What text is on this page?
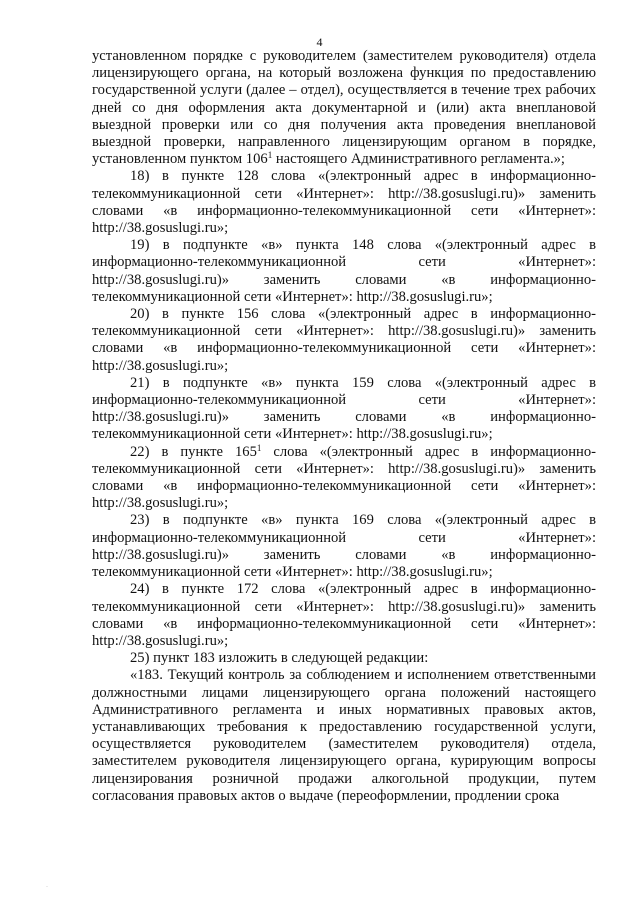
4

установленном порядке с руководителем (заместителем руководителя) отдела лицензирующего органа, на который возложена функция по предоставлению государственной услуги (далее – отдел), осуществляется в течение трех рабочих дней со дня оформления акта документарной и (или) акта внеплановой выездной проверки или со дня получения акта проведения внеплановой выездной проверки, направленного лицензирующим органом в порядке, установленном пунктом $106^1$ настоящего Административного регламента.»;

18) в пункте 128 слова «(электронный адрес в информационно-телекоммуникационной сети «Интернет»: http://38.gosuslugi.ru)» заменить словами «в информационно-телекоммуникационной сети «Интернет»: http://38.gosuslugi.ru»;

19) в подпункте «в» пункта 148 слова «(электронный адрес в информационно-телекоммуникационной сети «Интернет»: http://38.gosuslugi.ru)» заменить словами «в информационно-телекоммуникационной сети «Интернет»: http://38.gosuslugi.ru»;

20) в пункте 156 слова «(электронный адрес в информационно-телекоммуникационной сети «Интернет»: http://38.gosuslugi.ru)» заменить словами «в информационно-телекоммуникационной сети «Интернет»: http://38.gosuslugi.ru»;

21) в подпункте «в» пункта 159 слова «(электронный адрес в информационно-телекоммуникационной сети «Интернет»: http://38.gosuslugi.ru)» заменить словами «в информационно-телекоммуникационной сети «Интернет»: http://38.gosuslugi.ru»;

22) в пункте $165^1$ слова «(электронный адрес в информационно-телекоммуникационной сети «Интернет»: http://38.gosuslugi.ru)» заменить словами «в информационно-телекоммуникационной сети «Интернет»: http://38.gosuslugi.ru»;

23) в подпункте «в» пункта 169 слова «(электронный адрес в информационно-телекоммуникационной сети «Интернет»: http://38.gosuslugi.ru)» заменить словами «в информационно-телекоммуникационной сети «Интернет»: http://38.gosuslugi.ru»;

24) в пункте 172 слова «(электронный адрес в информационно-телекоммуникационной сети «Интернет»: http://38.gosuslugi.ru)» заменить словами «в информационно-телекоммуникационной сети «Интернет»: http://38.gosuslugi.ru»;

25) пункт 183 изложить в следующей редакции:

«183. Текущий контроль за соблюдением и исполнением ответственными должностными лицами лицензирующего органа положений настоящего Административного регламента и иных нормативных правовых актов, устанавливающих требования к предоставлению государственной услуги, осуществляется руководителем (заместителем руководителя) отдела, заместителем руководителя лицензирующего органа, курирующим вопросы лицензирования розничной продажи алкогольной продукции, путем согласования правовых актов о выдаче (переоформлении, продлении срока

.
